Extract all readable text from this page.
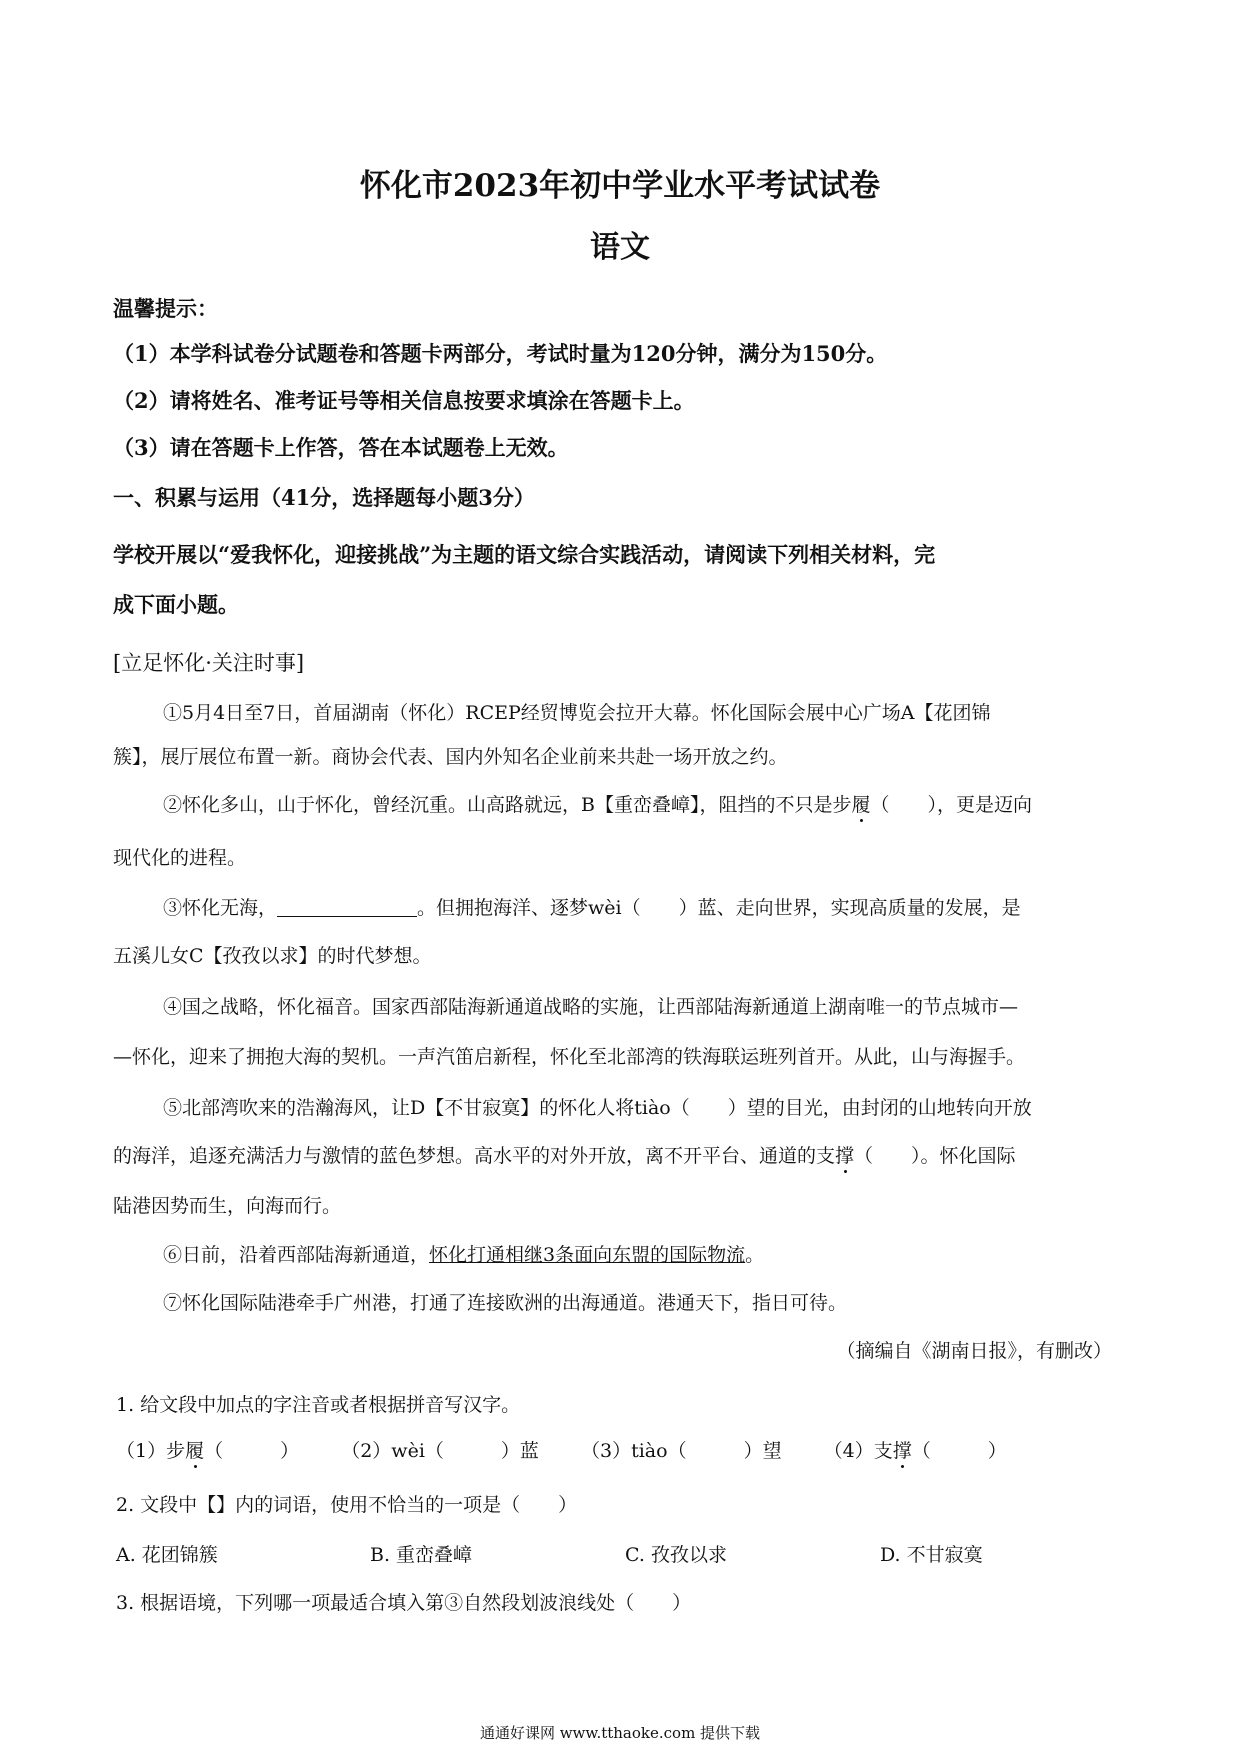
怀化市2023年初中学业水平考试试卷
语文
温馨提示：
（1）本学科试卷分试题卷和答题卡两部分，考试时量为120分钟，满分为150分。
（2）请将姓名、准考证号等相关信息按要求填涂在答题卡上。
（3）请在答题卡上作答，答在本试题卷上无效。
一、积累与运用（41分，选择题每小题3分）
学校开展以“爱我怀化，迎接挑战”为主题的语文综合实践活动，请阅读下列相关材料，完
成下面小题。
[立足怀化·关注时事]
①5月4日至7日，首届湖南（怀化）RCEP经贸博览会拉开大幕。怀化国际会展中心广场A【花团锦
簇】，展厅展位布置一新。商协会代表、国内外知名企业前来共赴一场开放之约。
②怀化多山，山于怀化，曾经沉重。山高路就远，B【重峦叠嶂】，阻挡的不只是步履（　　），更是迈向
现代化的进程。
③怀化无海，	。但拥抱海洋、逐梦wèi（　　）蓝、走向世界，实现高质量的发展，是
五溪儿女C【孜孜以求】的时代梦想。
④国之战略，怀化福音。国家西部陆海新通道战略的实施，让西部陆海新通道上湖南唯一的节点城市—
—怀化，迎来了拥抱大海的契机。一声汽笛启新程，怀化至北部湾的铁海联运班列首开。从此，山与海握手。
⑤北部湾吹来的浩瀚海风，让D【不甘寂寞】的怀化人将tiào（　　）望的目光，由封闭的山地转向开放
的海洋，追逐充满活力与激情的蓝色梦想。高水平的对外开放，离不开平台、通道的支撑（　　）。怀化国际
陆港因势而生，向海而行。
⑥日前，沿着西部陆海新通道，怀化打通相继3条面向东盟的国际物流。
⑦怀化国际陆港牵手广州港，打通了连接欧洲的出海通道。港通天下，指日可待。
（摘编自《湖南日报》，有删改）
1. 给文段中加点的字注音或者根据拼音写汉字。
（1）步履（　　　） （2）wèi（　　　）蓝 （3）tiào（　　　）望 （4）支撑（　　　）
2. 文段中【】内的词语，使用不恰当的一项是（　　）
A. 花团锦簇	B. 重峦叠嶂	C. 孜孜以求	D. 不甘寂寞
3. 根据语境，下列哪一项最适合填入第③自然段划波浪线处（　　）
通通好课网 www.tthaoke.com 提供下载
